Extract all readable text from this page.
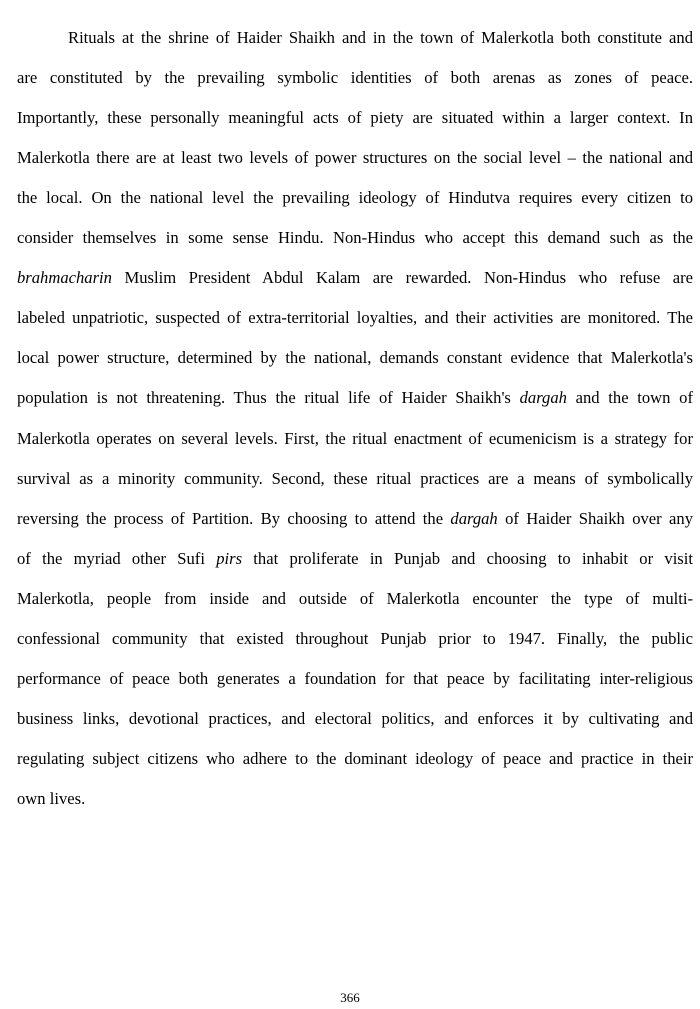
Rituals at the shrine of Haider Shaikh and in the town of Malerkotla both constitute and
are constituted by the prevailing symbolic identities of both arenas as zones of peace.
Importantly, these personally meaningful acts of piety are situated within a larger context. In
Malerkotla there are at least two levels of power structures on the social level – the national and
the local. On the national level the prevailing ideology of Hindutva requires every citizen to
consider themselves in some sense Hindu. Non-Hindus who accept this demand such as the
brahmacharin Muslim President Abdul Kalam are rewarded. Non-Hindus who refuse are
labeled unpatriotic, suspected of extra-territorial loyalties, and their activities are monitored. The
local power structure, determined by the national, demands constant evidence that Malerkotla's
population is not threatening. Thus the ritual life of Haider Shaikh's dargah and the town of
Malerkotla operates on several levels. First, the ritual enactment of ecumenicism is a strategy for
survival as a minority community. Second, these ritual practices are a means of symbolically
reversing the process of Partition. By choosing to attend the dargah of Haider Shaikh over any
of the myriad other Sufi pirs that proliferate in Punjab and choosing to inhabit or visit
Malerkotla, people from inside and outside of Malerkotla encounter the type of multi-
confessional community that existed throughout Punjab prior to 1947. Finally, the public
performance of peace both generates a foundation for that peace by facilitating inter-religious
business links, devotional practices, and electoral politics, and enforces it by cultivating and
regulating subject citizens who adhere to the dominant ideology of peace and practice in their
own lives.
366
